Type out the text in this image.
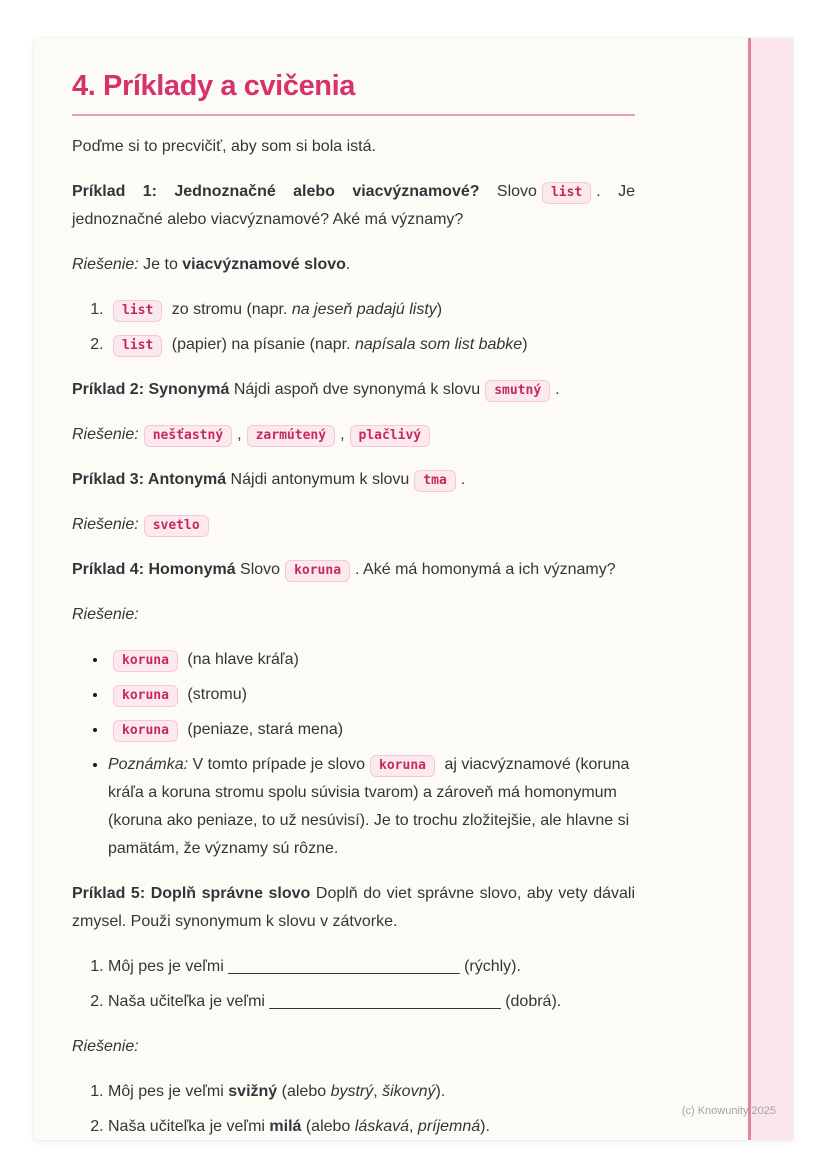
4. Príklady a cvičenia

Poďme si to precvičiť, aby som si bola istá.

Príklad 1: Jednoznačné alebo viacvýznamové? Slovo list . Je jednoznačné alebo viacvýznamové? Aké má významy?

Riešenie: Je to viacvýznamové slovo.

1. list zo stromu (napr. na jeseň padajú listy)
2. list (papier) na písanie (napr. napísala som list babke)

Príklad 2: Synonymá Nájdi aspoň dve synonymá k slovu smutný .

Riešenie: nešťastný , zarmútený , plačlivý

Príklad 3: Antonymá Nájdi antonymum k slovu tma .

Riešenie: svetlo

Príklad 4: Homonymá Slovo koruna . Aké má homonymá a ich významy?

Riešenie:

• koruna (na hlave kráľa)
• koruna (stromu)
• koruna (peniaze, stará mena)
• Poznámka: V tomto prípade je slovo koruna aj viacvýznamové (koruna kráľa a koruna stromu spolu súvisia tvarom) a zároveň má homonymum (koruna ako peniaze, to už nesúvisí). Je to trochu zložitejšie, ale hlavne si pamätám, že významy sú rôzne.

Príklad 5: Doplň správne slovo Doplň do viet správne slovo, aby vety dávali zmysel. Použi synonymum k slovu v zátvorke.

1. Môj pes je veľmi __________________________ (rýchly).
2. Naša učiteľka je veľmi __________________________ (dobrá).

Riešenie:

1. Môj pes je veľmi svižný (alebo bystrý, šikovný).
2. Naša učiteľka je veľmi milá (alebo láskavá, príjemná).
(c) Knowunity 2025
